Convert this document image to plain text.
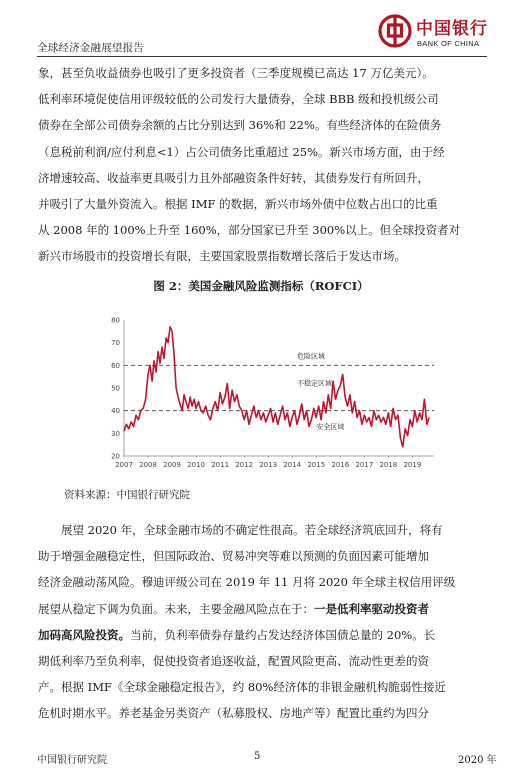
全球经济金融展望报告
中国银行
BANK OF CHINA

象，甚至负收益债券也吸引了更多投资者（三季度规模已高达 17 万亿美元）。

低利率环境促使信用评级较低的公司发行大量债券，全球 BBB 级和投机级公司

债券在全部公司债券余额的占比分别达到 36%和 22%。有些经济体的在险债务

（息税前利润/应付利息<1）占公司债务比重超过 25%。新兴市场方面，由于经

济增速较高、收益率更具吸引力且外部融资条件好转，其债券发行有所回升，

并吸引了大量外资流入。根据 IMF 的数据，新兴市场外债中位数占出口的比重

从 2008 年的 100%上升至 160%，部分国家已升至 300%以上。但全球投资者对

新兴市场股市的投资增长有限，主要国家股票指数增长落后于发达市场。

图 2：美国金融风险监测指标（ROFCI）
20
30
40
50
60
70
80
2007 2008 2009 2010 2011 2012 2013 2014 2015 2016 2017 2018 2019
危险区域
不稳定区域
安全区域
资料来源：中国银行研究院

展望 2020 年，全球金融市场的不确定性很高。若全球经济筑底回升，将有

助于增强金融稳定性，但国际政治、贸易冲突等难以预测的负面因素可能增加

经济金融动荡风险。穆迪评级公司在 2019 年 11 月将 2020 年全球主权信用评级

展望从稳定下调为负面。未来，主要金融风险点在于：一是低利率驱动投资者

加码高风险投资。当前，负利率债券存量约占发达经济体国债总量的 20%。长

期低利率乃至负利率，促使投资者追逐收益，配置风险更高、流动性更差的资

产。根据 IMF《全球金融稳定报告》，约 80%经济体的非银金融机构脆弱性接近

危机时期水平。养老基金另类资产（私募股权、房地产等）配置比重约为四分

中国银行研究院	5	2020 年
